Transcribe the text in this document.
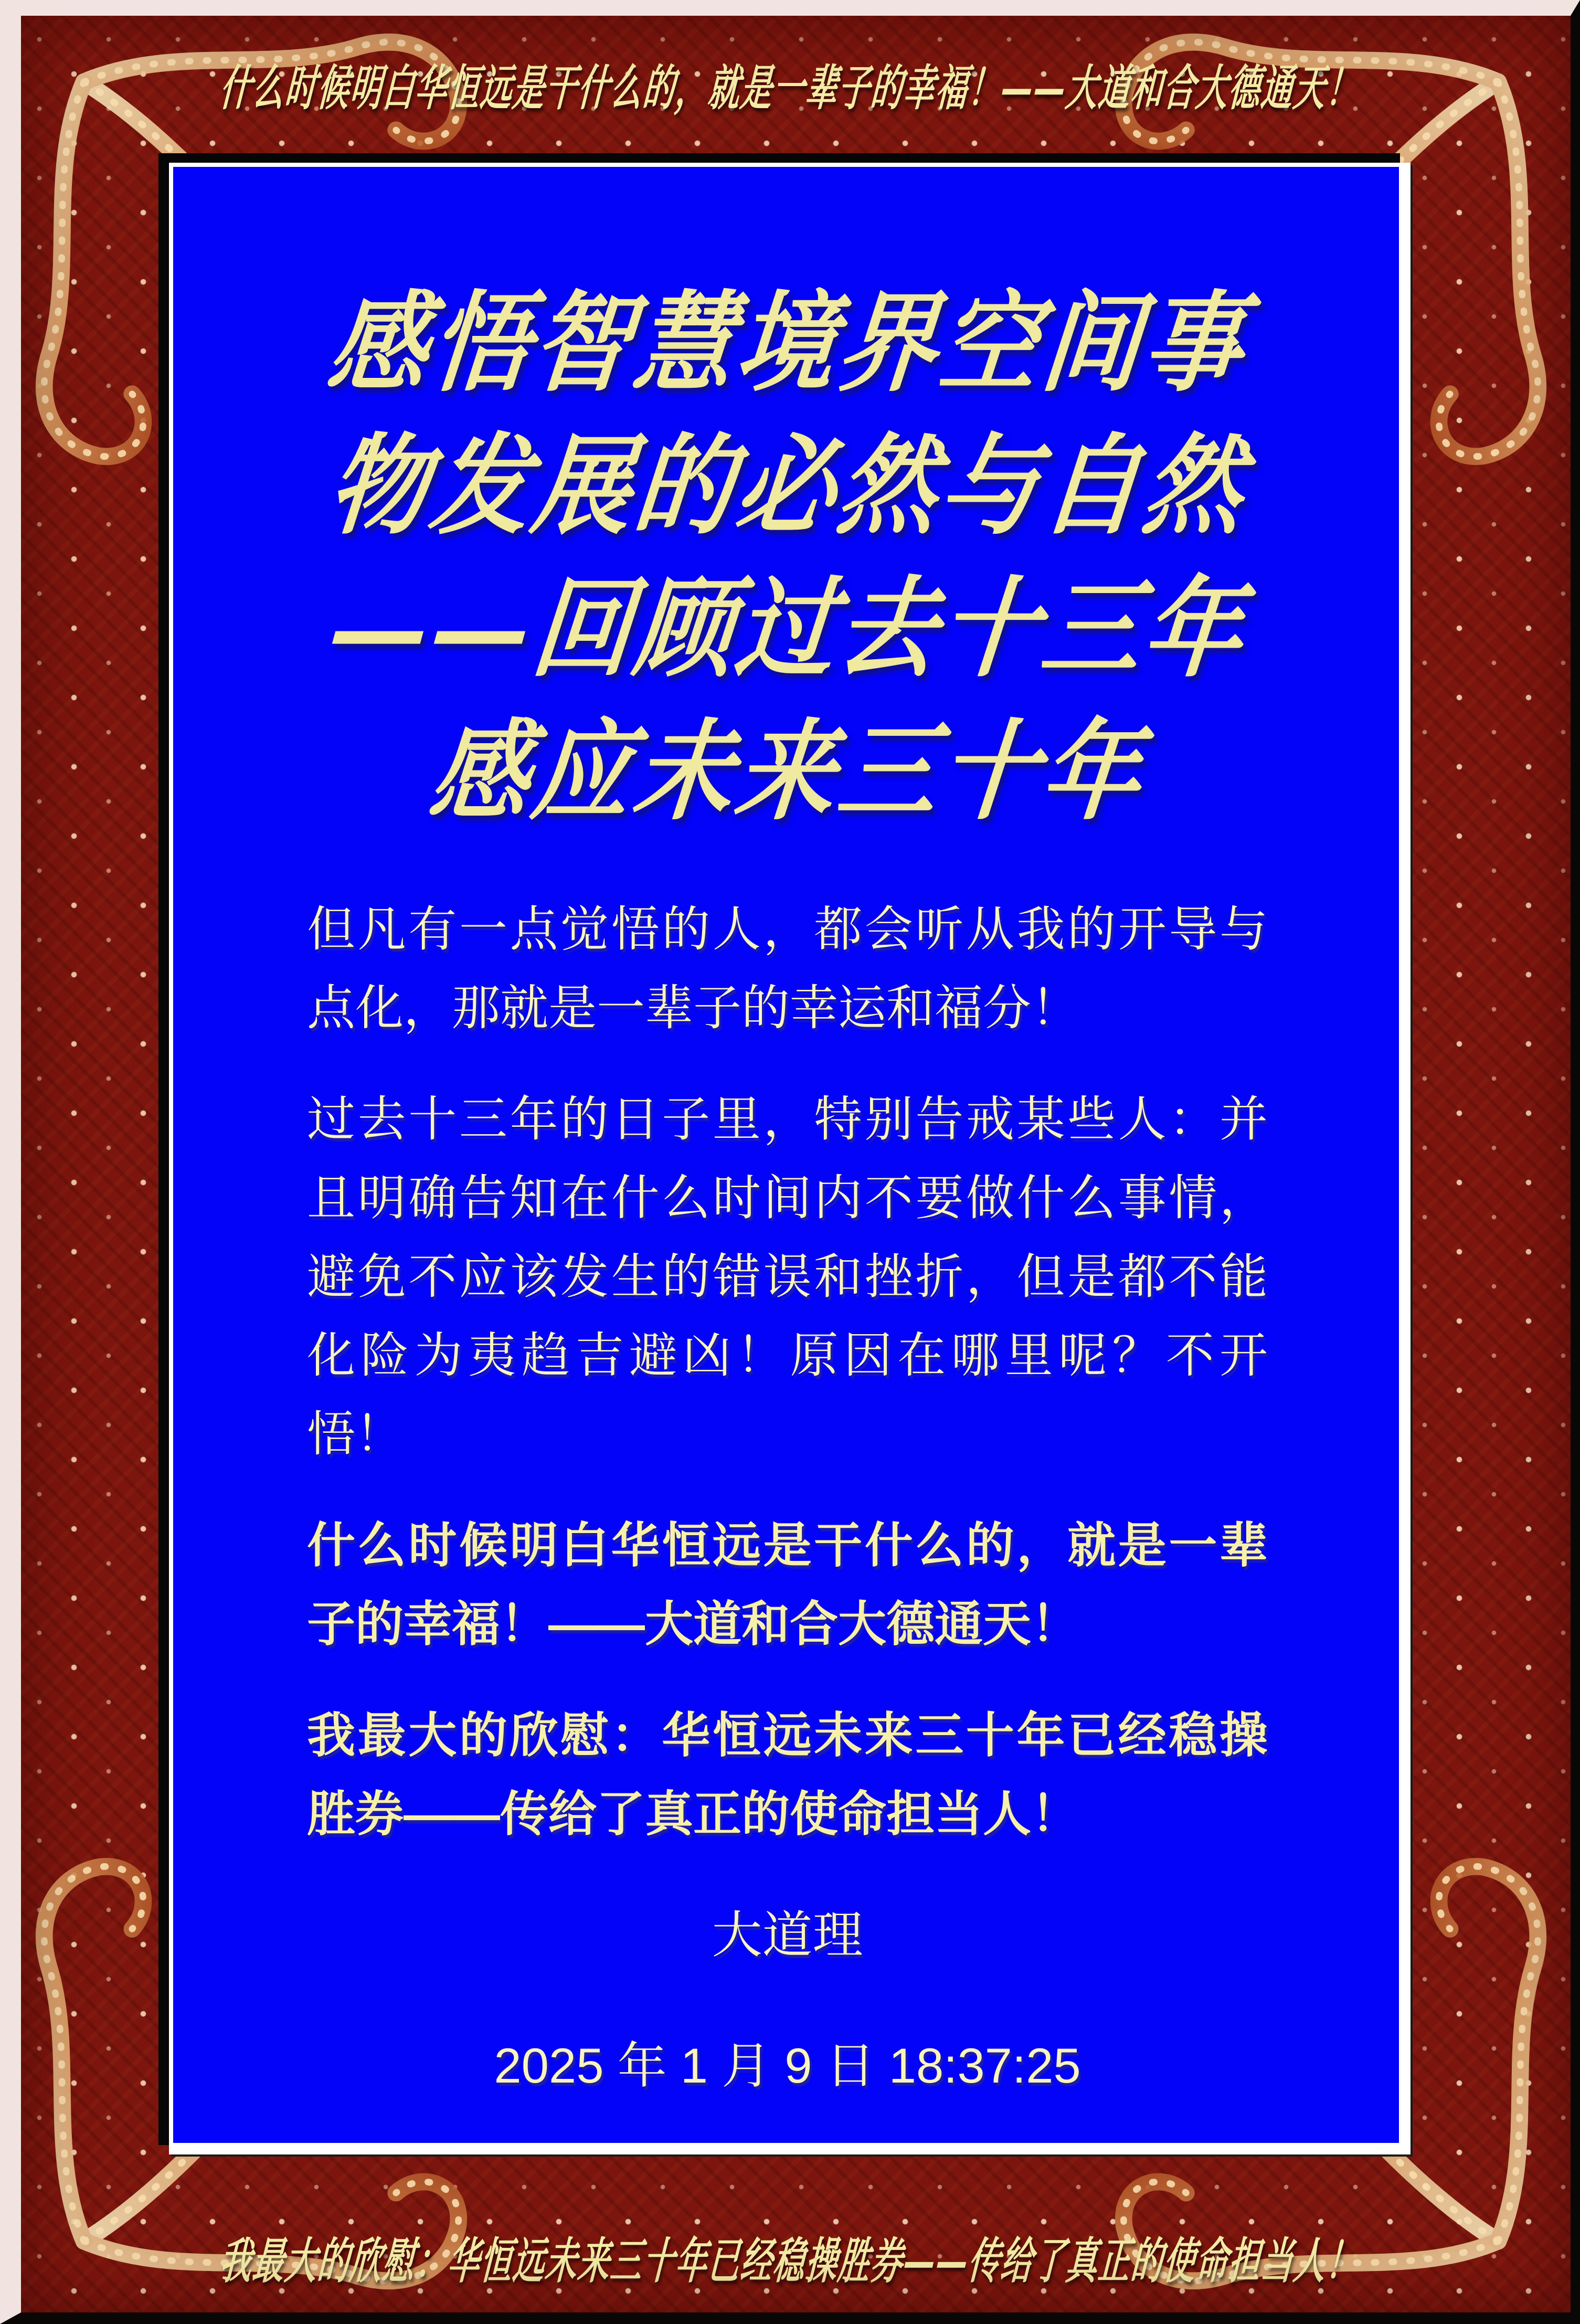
什么时候明白华恒远是干什么的，就是一辈子的幸福！——大道和合大德通天！
我最大的欣慰：华恒远未来三十年已经稳操胜券——传给了真正的使命担当人！
感悟智慧境界空间事
物发展的必然与自然
——回顾过去十三年
感应未来三十年
但凡有一点觉悟的人，都会听从我的开导与点化，那就是一辈子的幸运和福分！
过去十三年的日子里，特别告戒某些人：并且明确告知在什么时间内不要做什么事情，避免不应该发生的错误和挫折，但是都不能化险为夷趋吉避凶！原因在哪里呢？不开悟！
什么时候明白华恒远是干什么的，就是一辈子的幸福！——大道和合大德通天！
我最大的欣慰：华恒远未来三十年已经稳操胜券——传给了真正的使命担当人！
大道理
2025 年 1 月 9 日 18:37:25
